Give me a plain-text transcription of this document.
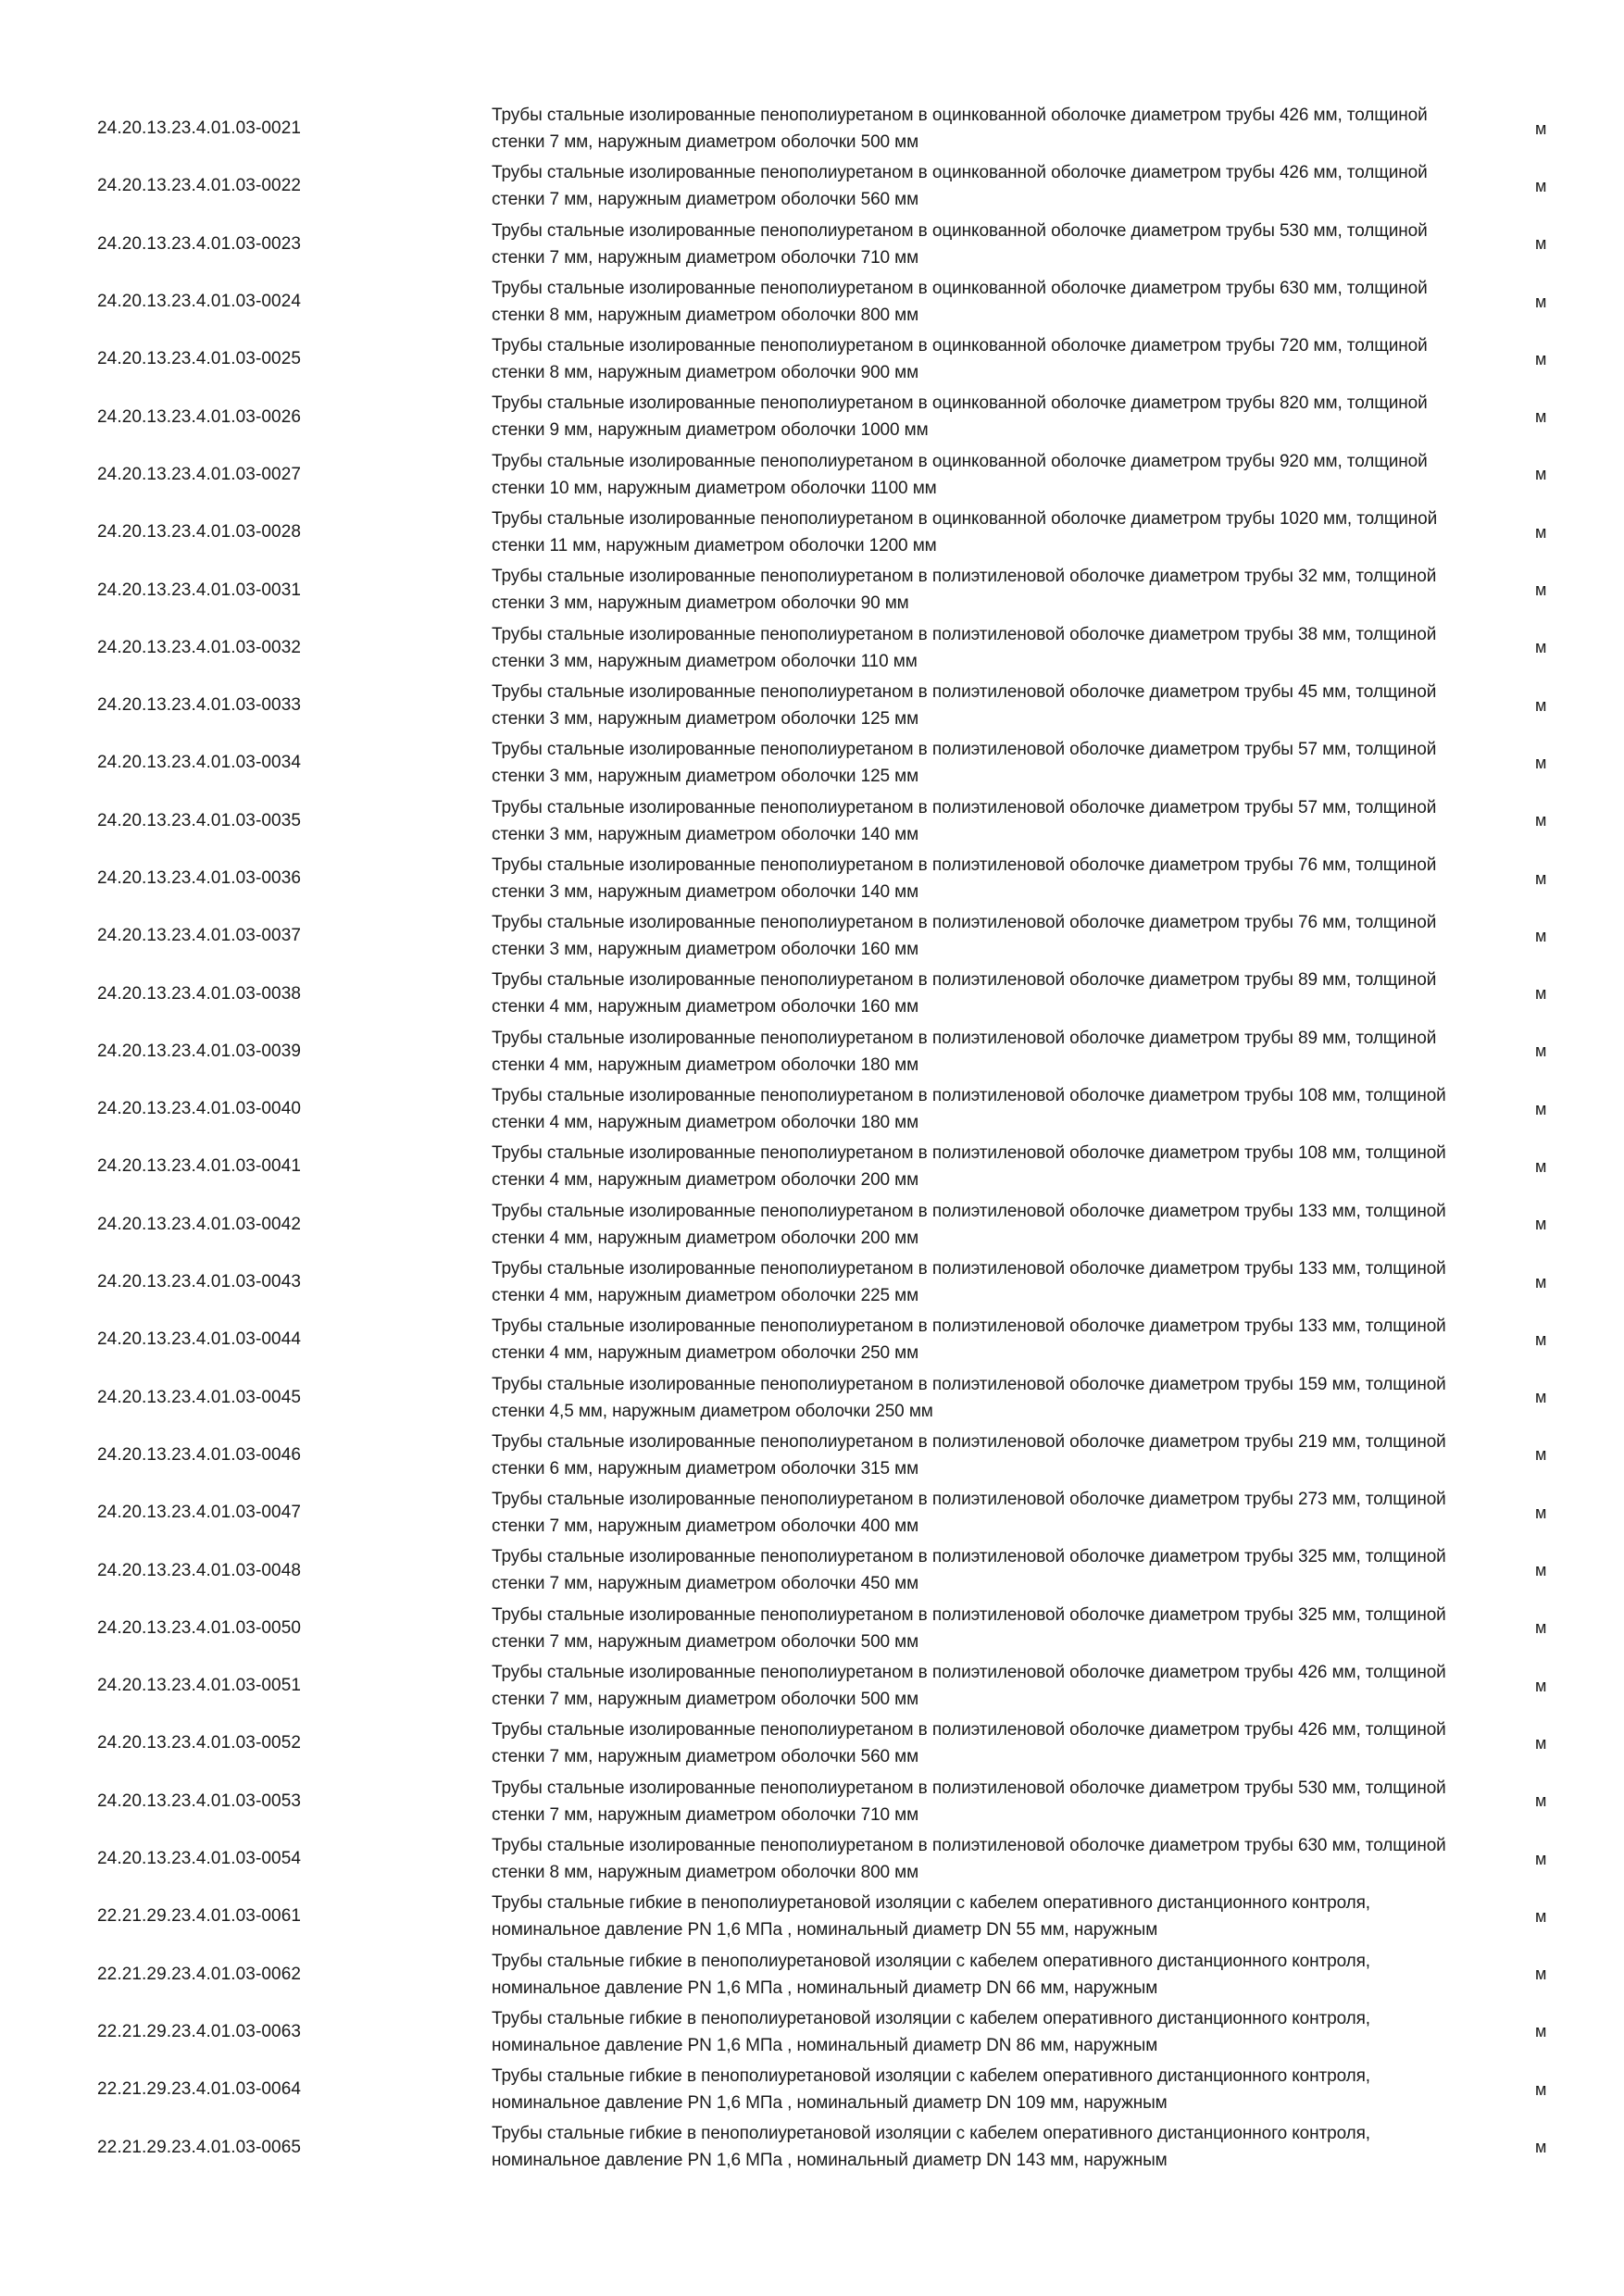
24.20.13.23.4.01.03-0021
Трубы стальные изолированные пенополиуретаном в оцинкованной оболочке диаметром трубы 426 мм, толщиной стенки 7 мм, наружным диаметром оболочки 500 мм
м
24.20.13.23.4.01.03-0022
Трубы стальные изолированные пенополиуретаном в оцинкованной оболочке диаметром трубы 426 мм, толщиной стенки 7 мм, наружным диаметром оболочки 560 мм
м
24.20.13.23.4.01.03-0023
Трубы стальные изолированные пенополиуретаном в оцинкованной оболочке диаметром трубы 530 мм, толщиной стенки 7 мм, наружным диаметром оболочки 710 мм
м
24.20.13.23.4.01.03-0024
Трубы стальные изолированные пенополиуретаном в оцинкованной оболочке диаметром трубы 630 мм, толщиной стенки 8 мм, наружным диаметром оболочки 800 мм
м
24.20.13.23.4.01.03-0025
Трубы стальные изолированные пенополиуретаном в оцинкованной оболочке диаметром трубы 720 мм, толщиной стенки 8 мм, наружным диаметром оболочки 900 мм
м
24.20.13.23.4.01.03-0026
Трубы стальные изолированные пенополиуретаном в оцинкованной оболочке диаметром трубы 820 мм, толщиной стенки 9 мм, наружным диаметром оболочки 1000 мм
м
24.20.13.23.4.01.03-0027
Трубы стальные изолированные пенополиуретаном в оцинкованной оболочке диаметром трубы 920 мм, толщиной стенки 10 мм, наружным диаметром оболочки 1100 мм
м
24.20.13.23.4.01.03-0028
Трубы стальные изолированные пенополиуретаном в оцинкованной оболочке диаметром трубы 1020 мм, толщиной стенки 11 мм, наружным диаметром оболочки 1200 мм
м
24.20.13.23.4.01.03-0031
Трубы стальные изолированные пенополиуретаном в полиэтиленовой оболочке диаметром трубы 32 мм, толщиной стенки 3 мм, наружным диаметром оболочки 90 мм
м
24.20.13.23.4.01.03-0032
Трубы стальные изолированные пенополиуретаном в полиэтиленовой оболочке диаметром трубы 38 мм, толщиной стенки 3 мм, наружным диаметром оболочки 110 мм
м
24.20.13.23.4.01.03-0033
Трубы стальные изолированные пенополиуретаном в полиэтиленовой оболочке диаметром трубы 45 мм, толщиной стенки 3 мм, наружным диаметром оболочки 125 мм
м
24.20.13.23.4.01.03-0034
Трубы стальные изолированные пенополиуретаном в полиэтиленовой оболочке диаметром трубы 57 мм, толщиной стенки 3 мм, наружным диаметром оболочки 125 мм
м
24.20.13.23.4.01.03-0035
Трубы стальные изолированные пенополиуретаном в полиэтиленовой оболочке диаметром трубы 57 мм, толщиной стенки 3 мм, наружным диаметром оболочки 140 мм
м
24.20.13.23.4.01.03-0036
Трубы стальные изолированные пенополиуретаном в полиэтиленовой оболочке диаметром трубы 76 мм, толщиной стенки 3 мм, наружным диаметром оболочки 140 мм
м
24.20.13.23.4.01.03-0037
Трубы стальные изолированные пенополиуретаном в полиэтиленовой оболочке диаметром трубы 76 мм, толщиной стенки 3 мм, наружным диаметром оболочки 160 мм
м
24.20.13.23.4.01.03-0038
Трубы стальные изолированные пенополиуретаном в полиэтиленовой оболочке диаметром трубы 89 мм, толщиной стенки 4 мм, наружным диаметром оболочки 160 мм
м
24.20.13.23.4.01.03-0039
Трубы стальные изолированные пенополиуретаном в полиэтиленовой оболочке диаметром трубы 89 мм, толщиной стенки 4 мм, наружным диаметром оболочки 180 мм
м
24.20.13.23.4.01.03-0040
Трубы стальные изолированные пенополиуретаном в полиэтиленовой оболочке диаметром трубы 108 мм, толщиной стенки 4 мм, наружным диаметром оболочки 180 мм
м
24.20.13.23.4.01.03-0041
Трубы стальные изолированные пенополиуретаном в полиэтиленовой оболочке диаметром трубы 108 мм, толщиной стенки 4 мм, наружным диаметром оболочки 200 мм
м
24.20.13.23.4.01.03-0042
Трубы стальные изолированные пенополиуретаном в полиэтиленовой оболочке диаметром трубы 133 мм, толщиной стенки 4 мм, наружным диаметром оболочки 200 мм
м
24.20.13.23.4.01.03-0043
Трубы стальные изолированные пенополиуретаном в полиэтиленовой оболочке диаметром трубы 133 мм, толщиной стенки 4 мм, наружным диаметром оболочки 225 мм
м
24.20.13.23.4.01.03-0044
Трубы стальные изолированные пенополиуретаном в полиэтиленовой оболочке диаметром трубы 133 мм, толщиной стенки 4 мм, наружным диаметром оболочки 250 мм
м
24.20.13.23.4.01.03-0045
Трубы стальные изолированные пенополиуретаном в полиэтиленовой оболочке диаметром трубы 159 мм, толщиной стенки 4,5 мм, наружным диаметром оболочки 250 мм
м
24.20.13.23.4.01.03-0046
Трубы стальные изолированные пенополиуретаном в полиэтиленовой оболочке диаметром трубы 219 мм, толщиной стенки 6 мм, наружным диаметром оболочки 315 мм
м
24.20.13.23.4.01.03-0047
Трубы стальные изолированные пенополиуретаном в полиэтиленовой оболочке диаметром трубы 273 мм, толщиной стенки 7 мм, наружным диаметром оболочки 400 мм
м
24.20.13.23.4.01.03-0048
Трубы стальные изолированные пенополиуретаном в полиэтиленовой оболочке диаметром трубы 325 мм, толщиной стенки 7 мм, наружным диаметром оболочки 450 мм
м
24.20.13.23.4.01.03-0050
Трубы стальные изолированные пенополиуретаном в полиэтиленовой оболочке диаметром трубы 325 мм, толщиной стенки 7 мм, наружным диаметром оболочки 500 мм
м
24.20.13.23.4.01.03-0051
Трубы стальные изолированные пенополиуретаном в полиэтиленовой оболочке диаметром трубы 426 мм, толщиной стенки 7 мм, наружным диаметром оболочки 500 мм
м
24.20.13.23.4.01.03-0052
Трубы стальные изолированные пенополиуретаном в полиэтиленовой оболочке диаметром трубы 426 мм, толщиной стенки 7 мм, наружным диаметром оболочки 560 мм
м
24.20.13.23.4.01.03-0053
Трубы стальные изолированные пенополиуретаном в полиэтиленовой оболочке диаметром трубы 530 мм, толщиной стенки 7 мм, наружным диаметром оболочки 710 мм
м
24.20.13.23.4.01.03-0054
Трубы стальные изолированные пенополиуретаном в полиэтиленовой оболочке диаметром трубы 630 мм, толщиной стенки 8 мм, наружным диаметром оболочки 800 мм
м
22.21.29.23.4.01.03-0061
Трубы стальные гибкие в пенополиуретановой изоляции с кабелем оперативного дистанционного контроля, номинальное давление PN 1,6 МПа , номинальный диаметр DN 55 мм, наружным
м
22.21.29.23.4.01.03-0062
Трубы стальные гибкие в пенополиуретановой изоляции с кабелем оперативного дистанционного контроля, номинальное давление PN 1,6 МПа , номинальный диаметр DN 66 мм, наружным
м
22.21.29.23.4.01.03-0063
Трубы стальные гибкие в пенополиуретановой изоляции с кабелем оперативного дистанционного контроля, номинальное давление PN 1,6 МПа , номинальный диаметр DN 86 мм, наружным
м
22.21.29.23.4.01.03-0064
Трубы стальные гибкие в пенополиуретановой изоляции с кабелем оперативного дистанционного контроля, номинальное давление PN 1,6 МПа , номинальный диаметр DN 109 мм, наружным
м
22.21.29.23.4.01.03-0065
Трубы стальные гибкие в пенополиуретановой изоляции с кабелем оперативного дистанционного контроля, номинальное давление PN 1,6 МПа , номинальный диаметр DN 143 мм, наружным
м
